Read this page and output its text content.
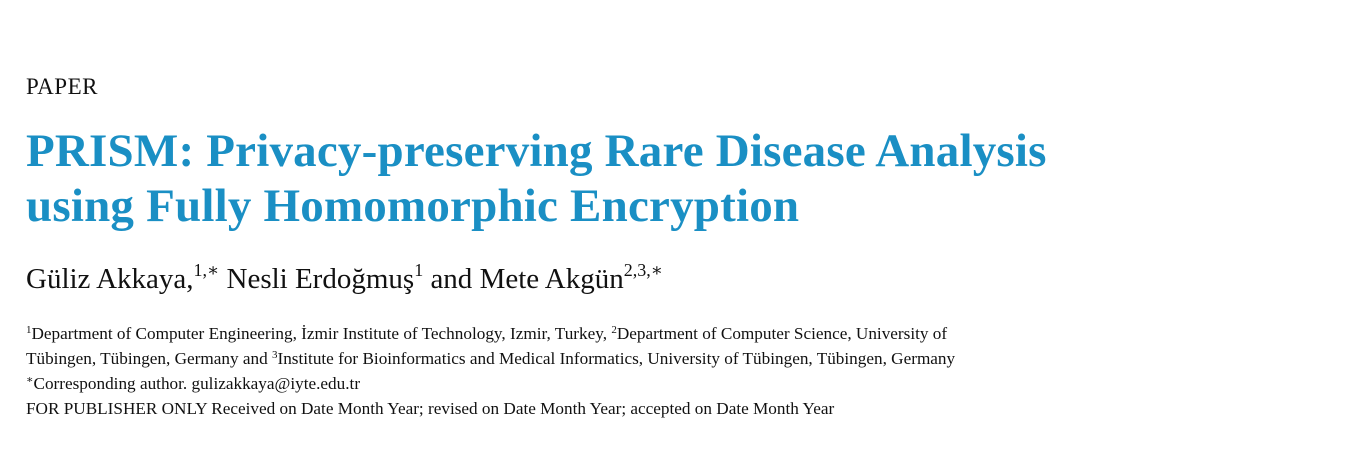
PAPER
PRISM: Privacy-preserving Rare Disease Analysis
using Fully Homomorphic Encryption
Güliz Akkaya,$^{1,∗}$ Nesli Erdoğmuş$^1$ and Mete Akgün$^{2,3,∗}$
$^1$Department of Computer Engineering, İzmir Institute of Technology, Izmir, Turkey, $^2$Department of Computer Science, University of
Tübingen, Tübingen, Germany and $^3$Institute for Bioinformatics and Medical Informatics, University of Tübingen, Tübingen, Germany
∗Corresponding author. gulizakkaya@iyte.edu.tr
FOR PUBLISHER ONLY Received on Date Month Year; revised on Date Month Year; accepted on Date Month Year
